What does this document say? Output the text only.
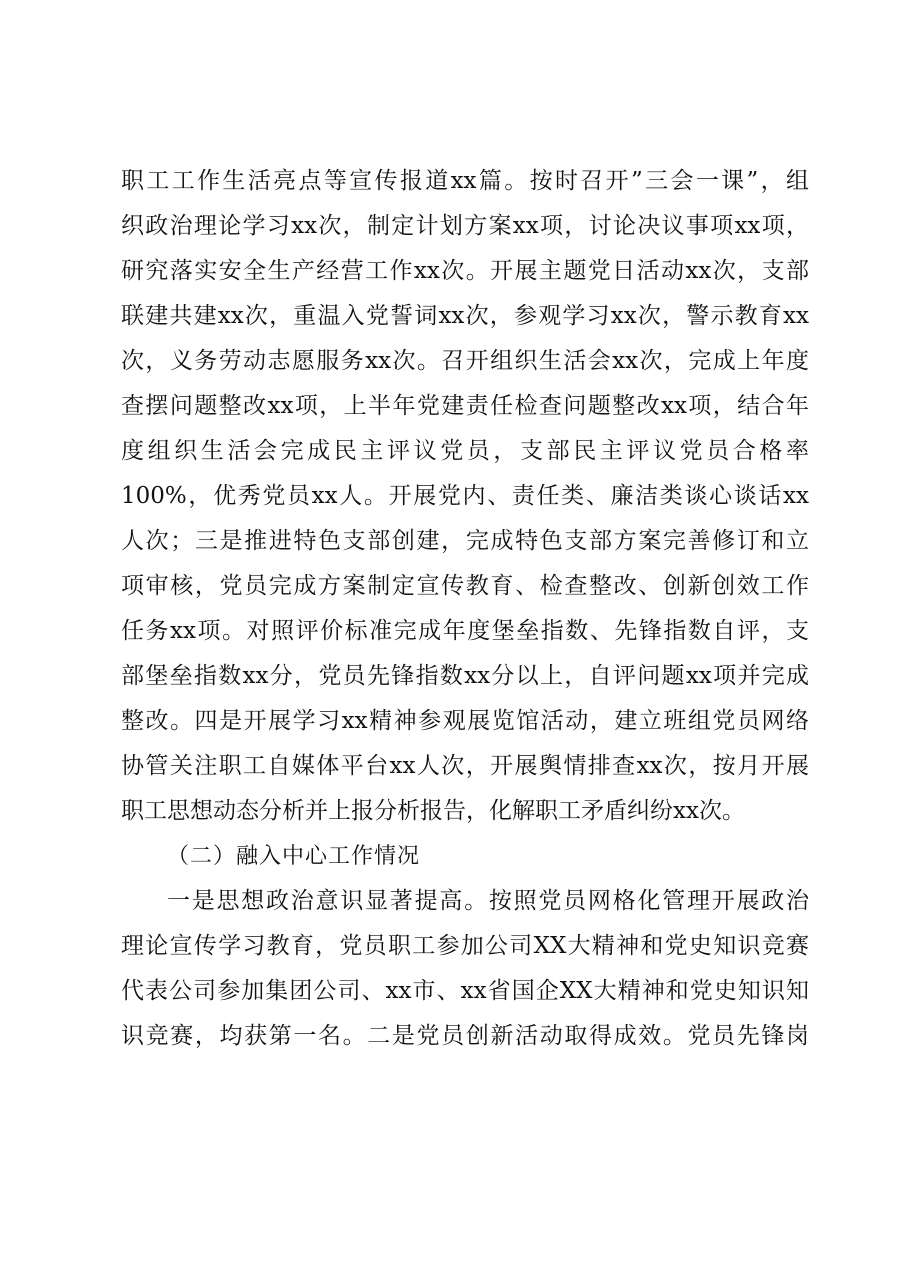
职工工作生活亮点等宣传报道xx篇。按时召开”三会一课”，组
织政治理论学习xx次，制定计划方案xx项，讨论决议事项xx项，
研究落实安全生产经营工作xx次。开展主题党日活动xx次，支部
联建共建xx次，重温入党誓词xx次，参观学习xx次，警示教育xx
次，义务劳动志愿服务xx次。召开组织生活会xx次，完成上年度
查摆问题整改xx项，上半年党建责任检查问题整改xx项，结合年
度组织生活会完成民主评议党员，支部民主评议党员合格率
100%，优秀党员xx人。开展党内、责任类、廉洁类谈心谈话xx
人次；三是推进特色支部创建，完成特色支部方案完善修订和立
项审核，党员完成方案制定宣传教育、检查整改、创新创效工作
任务xx项。对照评价标准完成年度堡垒指数、先锋指数自评，支
部堡垒指数xx分，党员先锋指数xx分以上，自评问题xx项并完成
整改。四是开展学习xx精神参观展览馆活动，建立班组党员网络
协管关注职工自媒体平台xx人次，开展舆情排查xx次，按月开展
职工思想动态分析并上报分析报告，化解职工矛盾纠纷xx次。
（二）融入中心工作情况
一是思想政治意识显著提高。按照党员网格化管理开展政治
理论宣传学习教育，党员职工参加公司XX大精神和党史知识竞赛
代表公司参加集团公司、xx市、xx省国企XX大精神和党史知识知
识竞赛，均获第一名。二是党员创新活动取得成效。党员先锋岗
